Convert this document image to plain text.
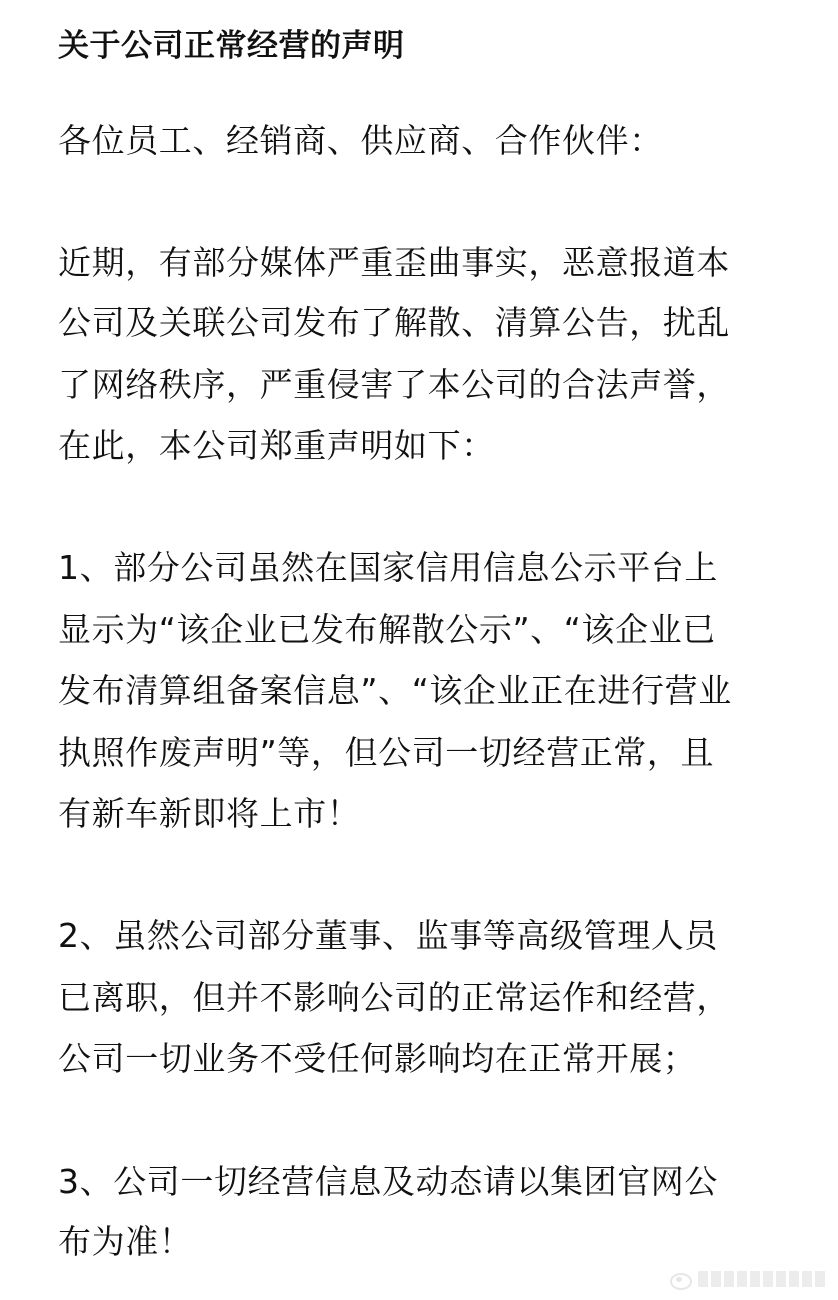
关于公司正常经营的声明

各位员工、经销商、供应商、合作伙伴：

近期，有部分媒体严重歪曲事实，恶意报道本

公司及关联公司发布了解散、清算公告，扰乱

了网络秩序，严重侵害了本公司的合法声誉，

在此，本公司郑重声明如下：

1、部分公司虽然在国家信用信息公示平台上

显示为“该企业已发布解散公示”、“该企业已

发布清算组备案信息”、“该企业正在进行营业

执照作废声明”等，但公司一切经营正常，且

有新车新即将上市！

2、虽然公司部分董事、监事等高级管理人员

已离职，但并不影响公司的正常运作和经营，

公司一切业务不受任何影响均在正常开展；

3、公司一切经营信息及动态请以集团官网公

布为准！
